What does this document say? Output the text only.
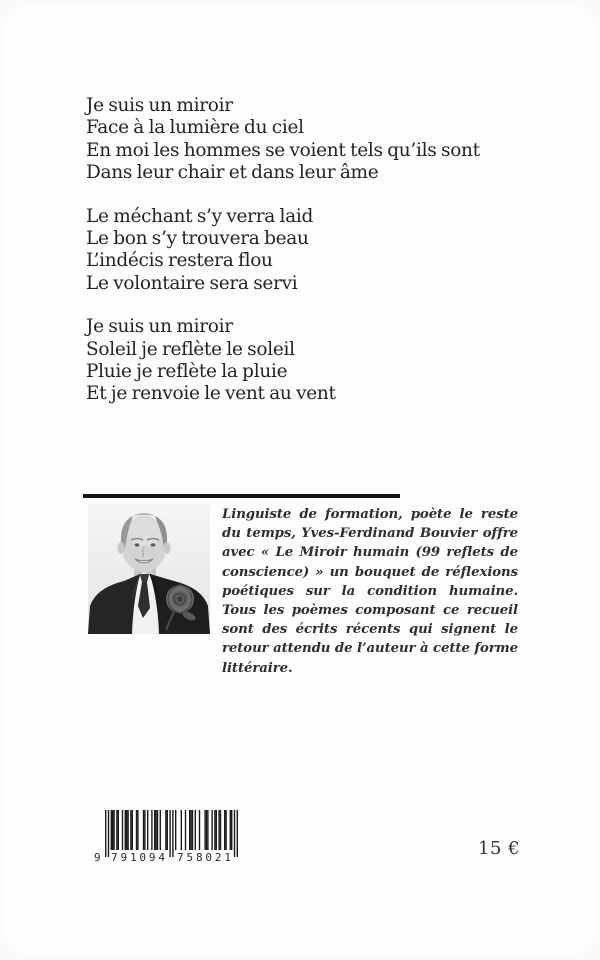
Je suis un miroir
Face à la lumière du ciel
En moi les hommes se voient tels qu’ils sont
Dans leur chair et dans leur âme

Le méchant s’y verra laid
Le bon s’y trouvera beau
L’indécis restera flou
Le volontaire sera servi

Je suis un miroir
Soleil je reflète le soleil
Pluie je reflète la pluie
Et je renvoie le vent au vent

Linguiste de formation, poète le reste du temps, Yves-Ferdinand Bouvier offre avec « Le Miroir humain (99 reflets de conscience) » un bouquet de réflexions poétiques sur la condition humaine. Tous les poèmes composant ce recueil sont des écrits récents qui signent le retour attendu de l’auteur à cette forme littéraire.

9 791094 758021	15 €
